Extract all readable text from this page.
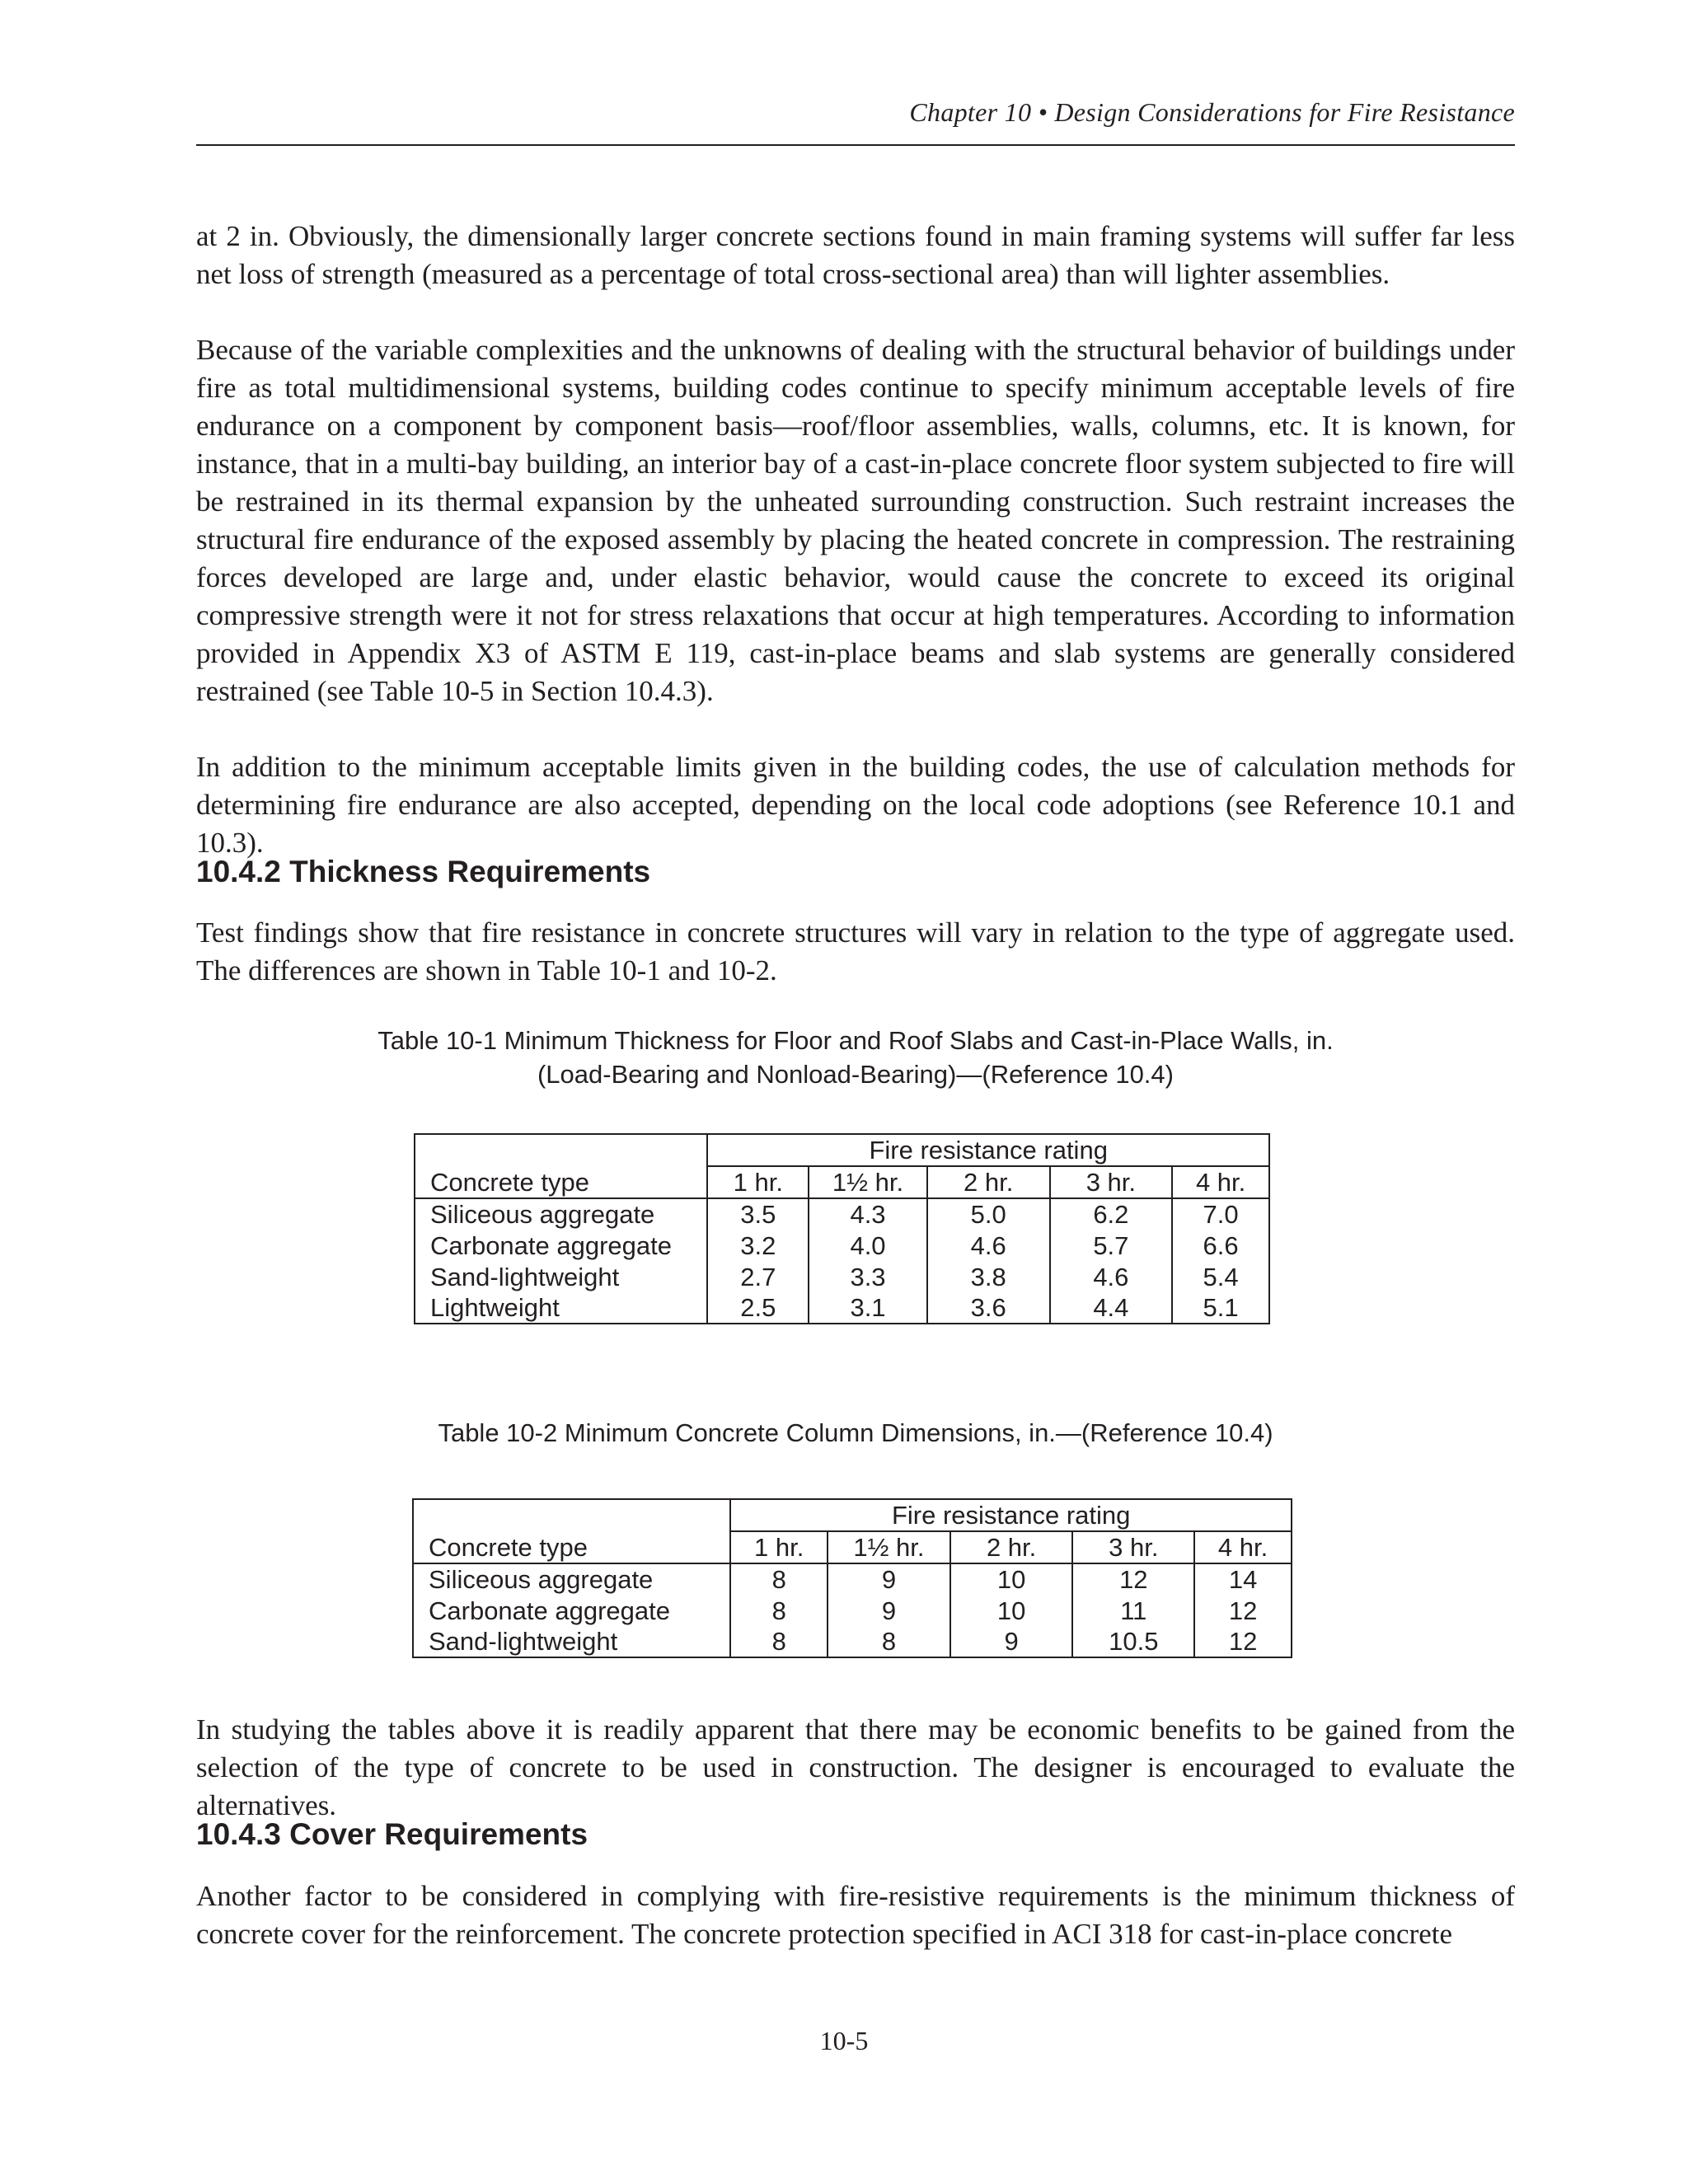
Chapter 10 • Design Considerations for Fire Resistance

at 2 in. Obviously, the dimensionally larger concrete sections found in main framing systems will suffer far less net loss of strength (measured as a percentage of total cross-sectional area) than will lighter assemblies.

Because of the variable complexities and the unknowns of dealing with the structural behavior of buildings under fire as total multidimensional systems, building codes continue to specify minimum acceptable levels of fire endurance on a component by component basis—roof/floor assemblies, walls, columns, etc. It is known, for instance, that in a multi-bay building, an interior bay of a cast-in-place concrete floor system subjected to fire will be restrained in its thermal expansion by the unheated surrounding construction. Such restraint increases the structural fire endurance of the exposed assembly by placing the heated concrete in compression. The restraining forces developed are large and, under elastic behavior, would cause the concrete to exceed its original compressive strength were it not for stress relaxations that occur at high temperatures. According to information provided in Appendix X3 of ASTM E 119, cast-in-place beams and slab systems are generally considered restrained (see Table 10-5 in Section 10.4.3).

In addition to the minimum acceptable limits given in the building codes, the use of calculation methods for determining fire endurance are also accepted, depending on the local code adoptions (see Reference 10.1 and 10.3).

10.4.2 Thickness Requirements

Test findings show that fire resistance in concrete structures will vary in relation to the type of aggregate used. The differences are shown in Table 10-1 and 10-2.

Table 10-1 Minimum Thickness for Floor and Roof Slabs and Cast-in-Place Walls, in.
(Load-Bearing and Nonload-Bearing)—(Reference 10.4)
	Fire resistance rating				
Concrete type	1 hr.	1½ hr.	2 hr.	3 hr.	4 hr.
Siliceous aggregate	3.5	4.3	5.0	6.2	7.0
Carbonate aggregate	3.2	4.0	4.6	5.7	6.6
Sand-lightweight	2.7	3.3	3.8	4.6	5.4
Lightweight	2.5	3.1	3.6	4.4	5.1
Table 10-2 Minimum Concrete Column Dimensions, in.—(Reference 10.4)
	Fire resistance rating				
Concrete type	1 hr.	1½ hr.	2 hr.	3 hr.	4 hr.
Siliceous aggregate	8	9	10	12	14
Carbonate aggregate	8	9	10	11	12
Sand-lightweight	8	8	9	10.5	12

In studying the tables above it is readily apparent that there may be economic benefits to be gained from the selection of the type of concrete to be used in construction. The designer is encouraged to evaluate the alternatives.

10.4.3 Cover Requirements

Another factor to be considered in complying with fire-resistive requirements is the minimum thickness of concrete cover for the reinforcement. The concrete protection specified in ACI 318 for cast-in-place concrete

10-5
